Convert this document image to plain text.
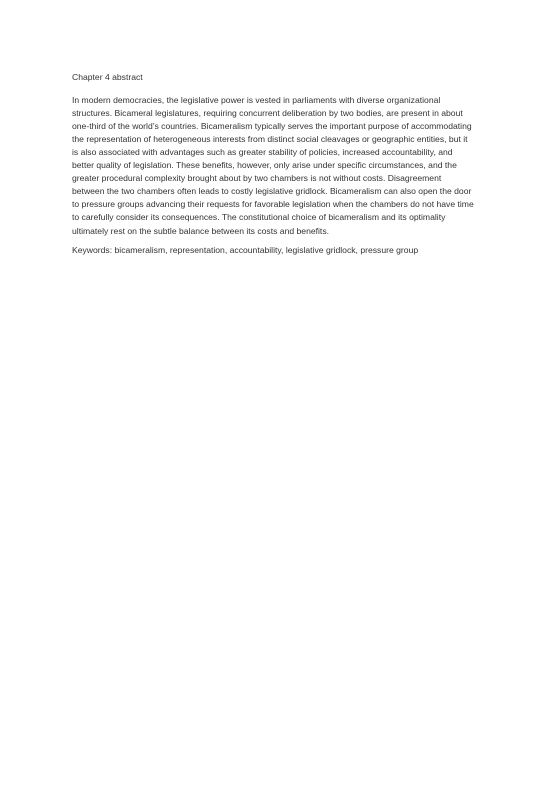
Chapter 4 abstract

In modern democracies, the legislative power is vested in parliaments with diverse organizational structures. Bicameral legislatures, requiring concurrent deliberation by two bodies, are present in about one-third of the world’s countries. Bicameralism typically serves the important purpose of accommodating the representation of heterogeneous interests from distinct social cleavages or geographic entities, but it is also associated with advantages such as greater stability of policies, increased accountability, and better quality of legislation. These benefits, however, only arise under specific circumstances, and the greater procedural complexity brought about by two chambers is not without costs. Disagreement between the two chambers often leads to costly legislative gridlock. Bicameralism can also open the door to pressure groups advancing their requests for favorable legislation when the chambers do not have time to carefully consider its consequences. The constitutional choice of bicameralism and its optimality ultimately rest on the subtle balance between its costs and benefits.

Keywords: bicameralism, representation, accountability, legislative gridlock, pressure group
